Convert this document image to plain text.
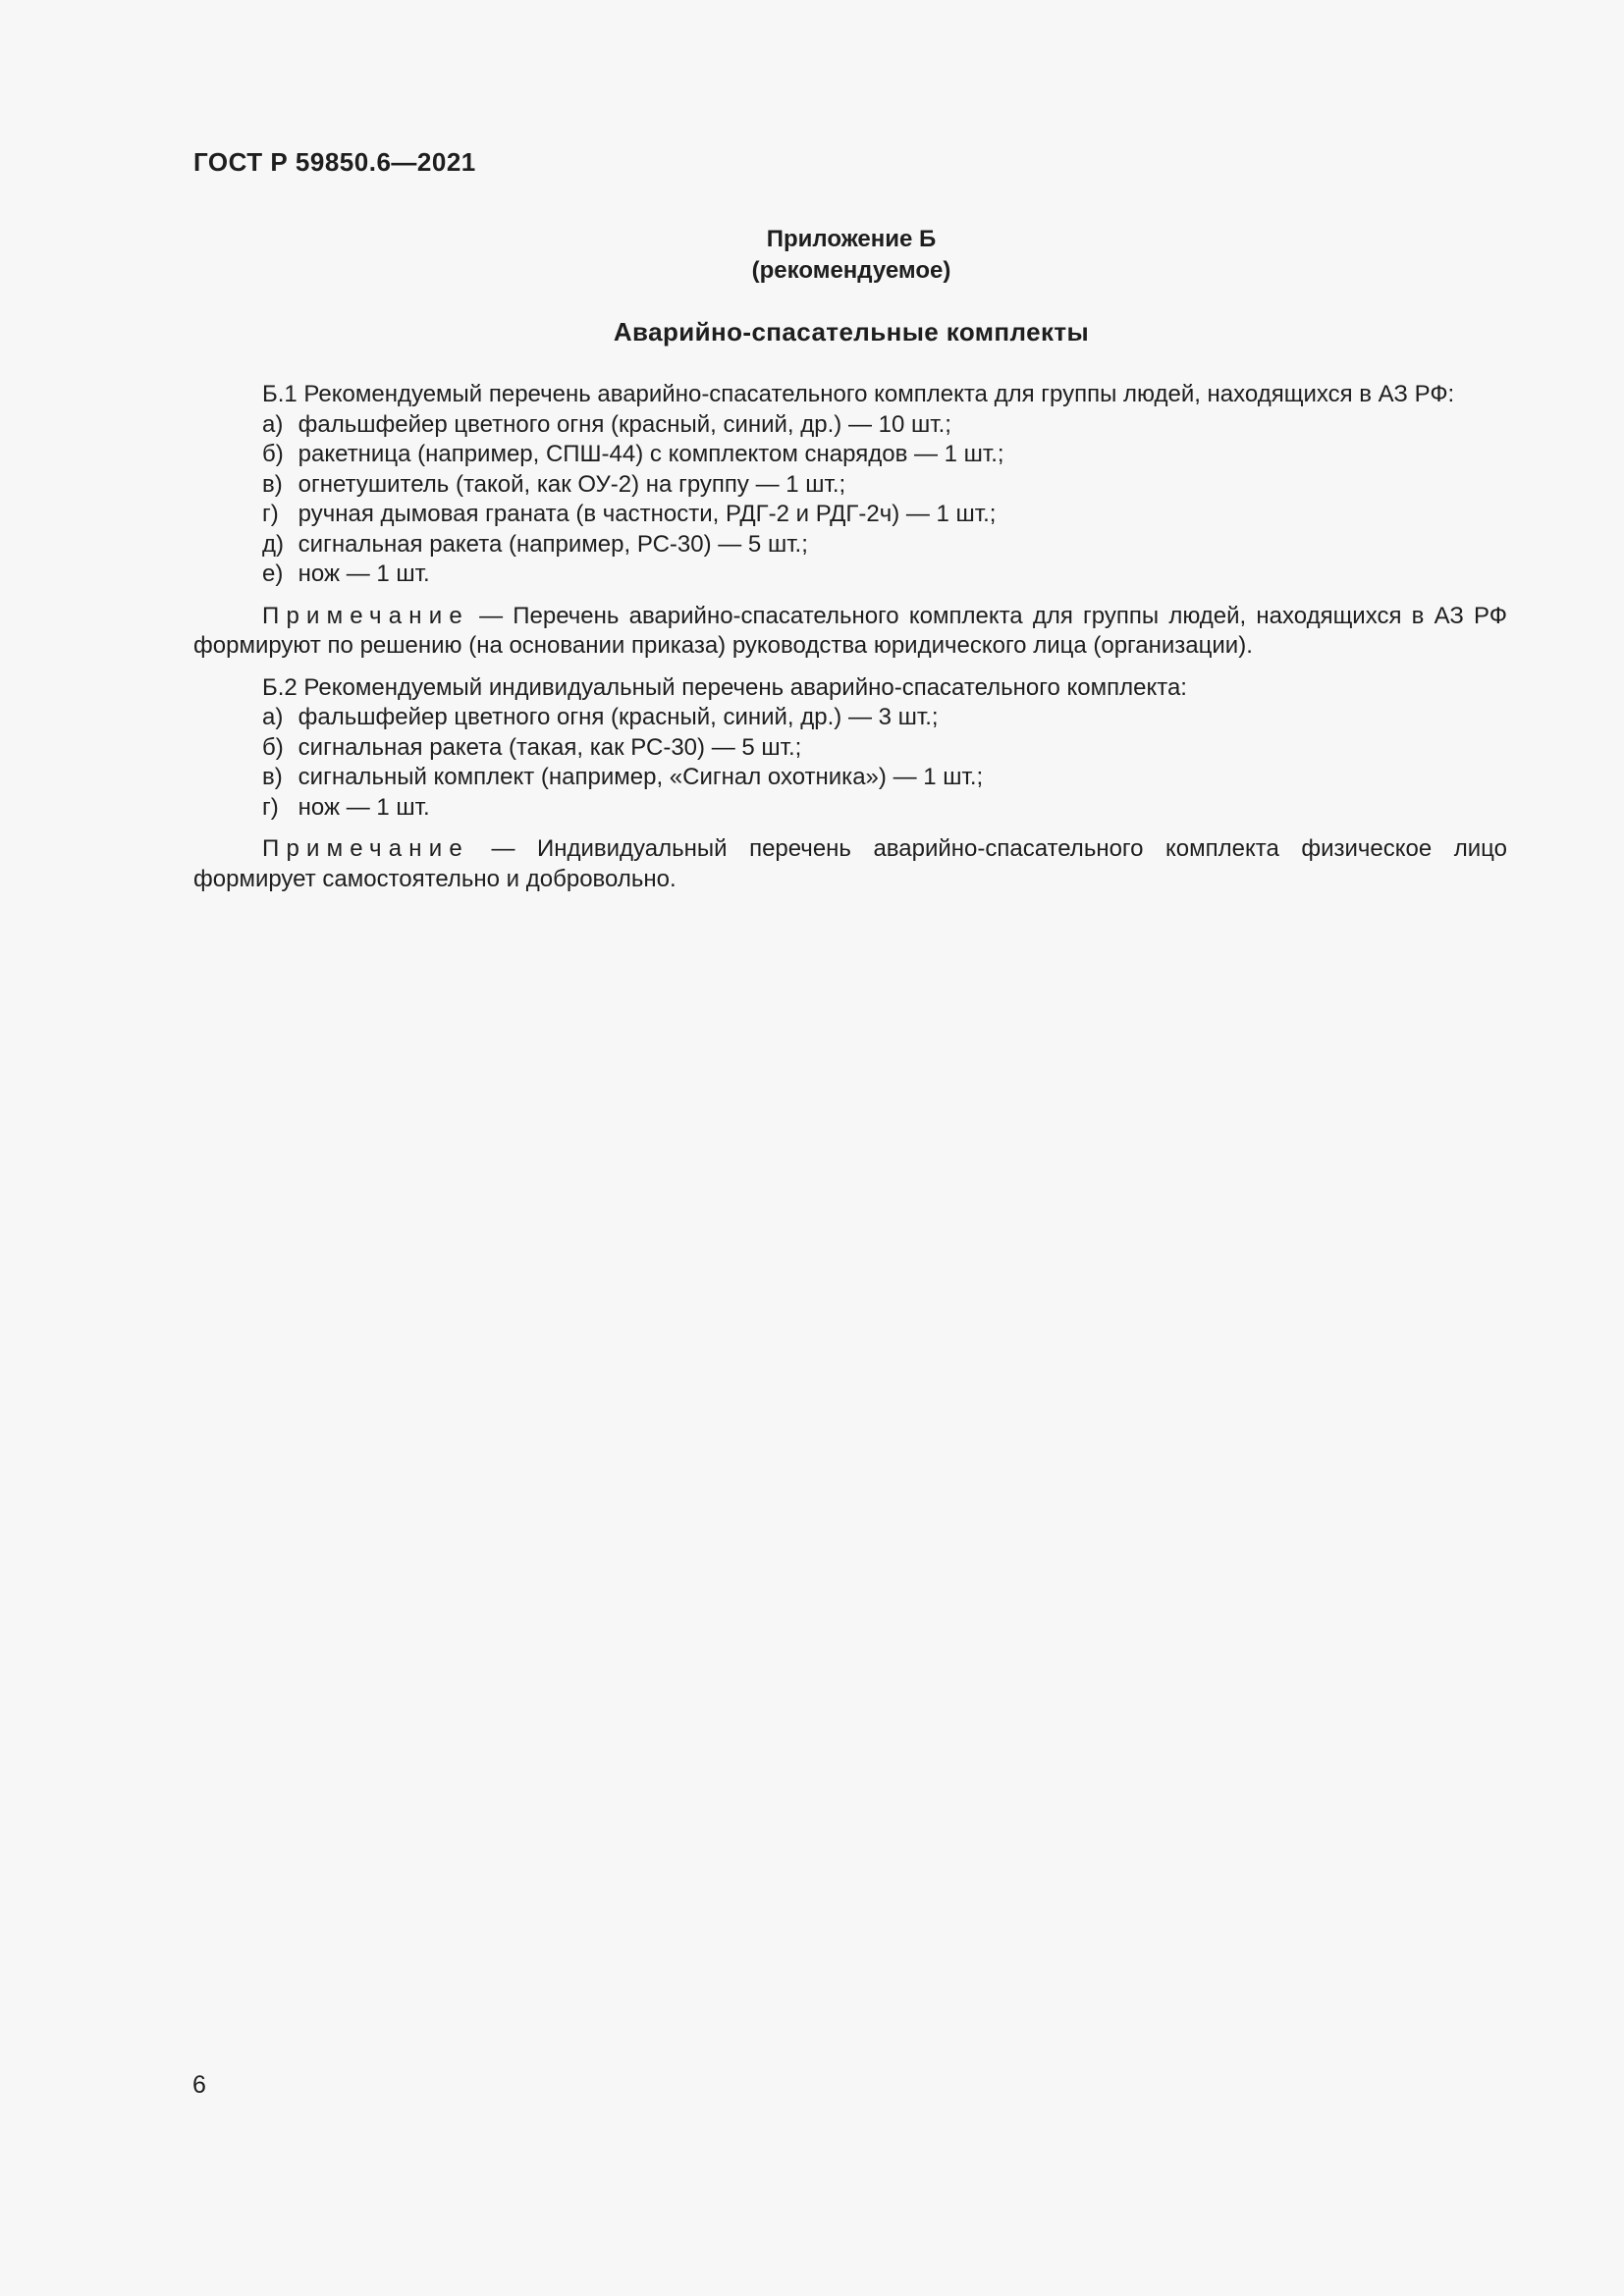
ГОСТ Р 59850.6—2021
Приложение Б
(рекомендуемое)
Аварийно-спасательные комплекты

Б.1 Рекомендуемый перечень аварийно-спасательного комплекта для группы людей, находящихся в АЗ РФ:

а) фальшфейер цветного огня (красный, синий, др.) — 10 шт.;

б) ракетница (например, СПШ-44) с комплектом снарядов — 1 шт.;

в) огнетушитель (такой, как ОУ-2) на группу — 1 шт.;

г) ручная дымовая граната (в частности, РДГ-2 и РДГ-2ч) — 1 шт.;

д) сигнальная ракета (например, РС-30) — 5 шт.;

е) нож — 1 шт.

Примечание — Перечень аварийно-спасательного комплекта для группы людей, находящихся в АЗ РФ формируют по решению (на основании приказа) руководства юридического лица (организации).

Б.2 Рекомендуемый индивидуальный перечень аварийно-спасательного комплекта:

а) фальшфейер цветного огня (красный, синий, др.) — 3 шт.;

б) сигнальная ракета (такая, как РС-30) — 5 шт.;

в) сигнальный комплект (например, «Сигнал охотника») — 1 шт.;

г) нож — 1 шт.

Примечание — Индивидуальный перечень аварийно-спасательного комплекта физическое лицо формирует самостоятельно и добровольно.

6
